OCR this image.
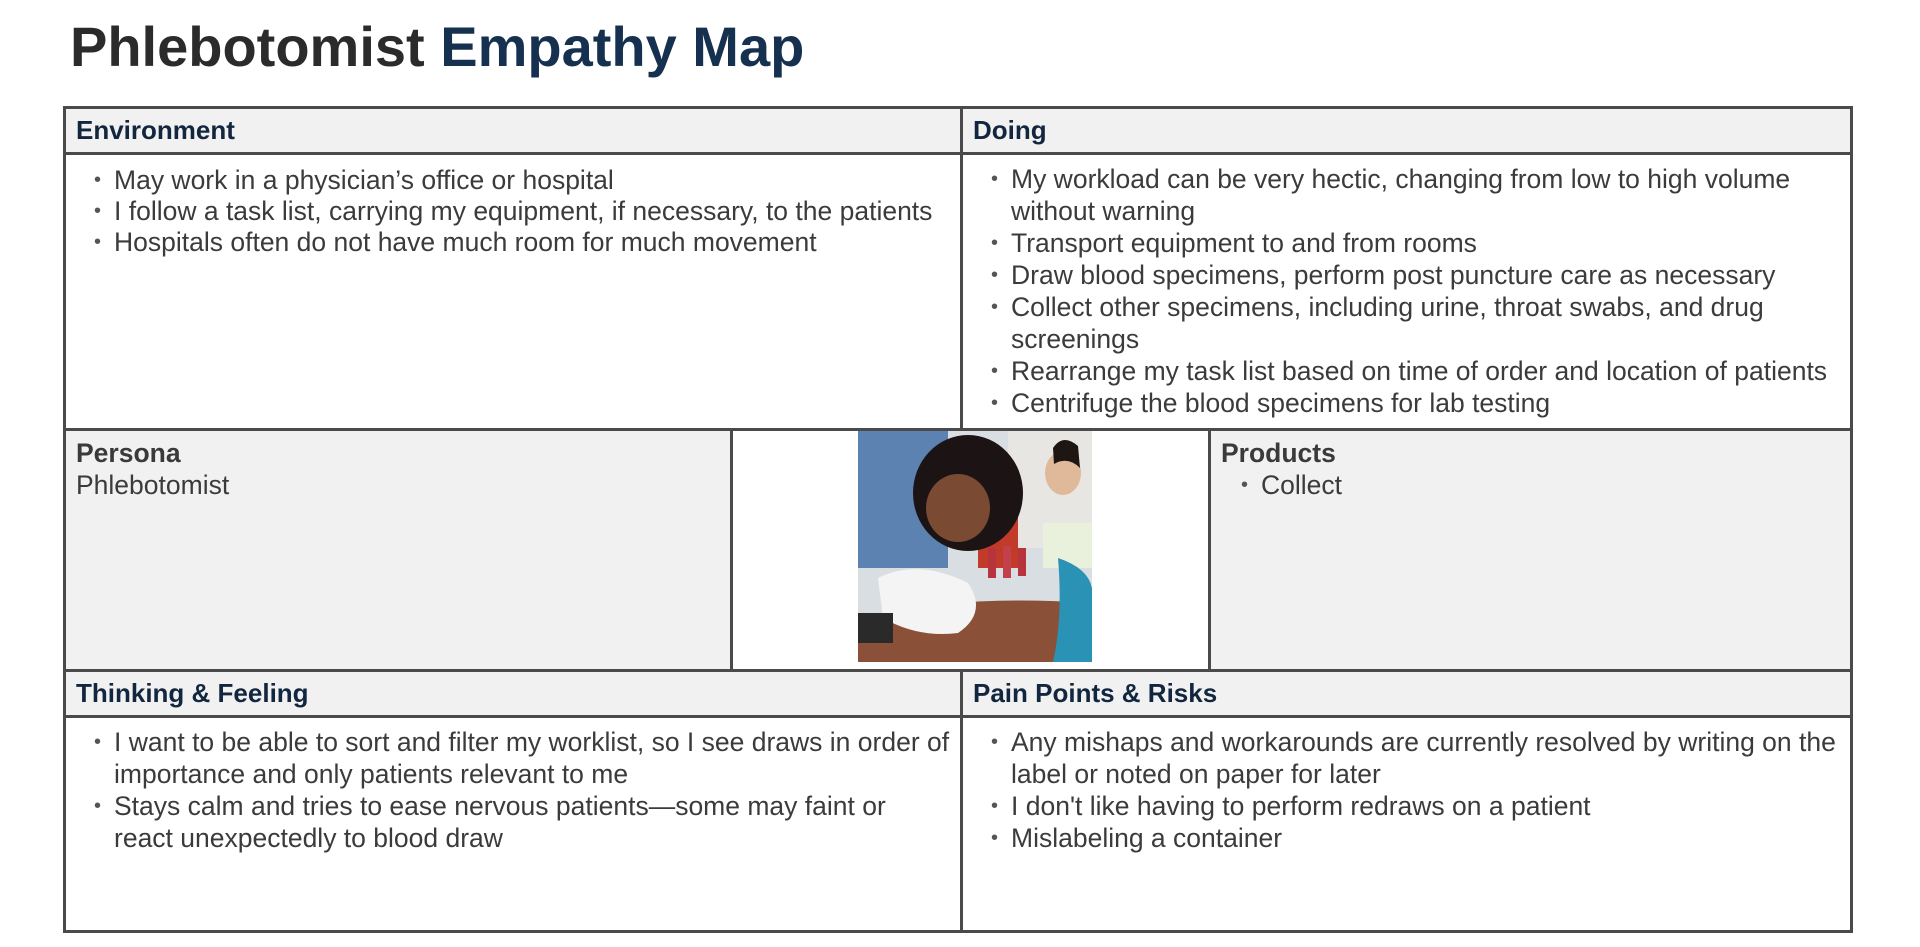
Phlebotomist Empathy Map
Environment
• May work in a physician’s office or hospital
• I follow a task list, carrying my equipment, if necessary, to the patients
• Hospitals often do not have much room for much movement
Doing
• My workload can be very hectic, changing from low to high volume without warning
• Transport equipment to and from rooms
• Draw blood specimens, perform post puncture care as necessary
• Collect other specimens, including urine, throat swabs, and drug screenings
• Rearrange my task list based on time of order and location of patients
• Centrifuge the blood specimens for lab testing
Persona
Phlebotomist
Products
• Collect
Thinking & Feeling
• I want to be able to sort and filter my worklist, so I see draws in order of importance and only patients relevant to me
• Stays calm and tries to ease nervous patients—some may faint or react unexpectedly to blood draw
Pain Points & Risks
• Any mishaps and workarounds are currently resolved by writing on the label or noted on paper for later
• I don't like having to perform redraws on a patient
• Mislabeling a container
